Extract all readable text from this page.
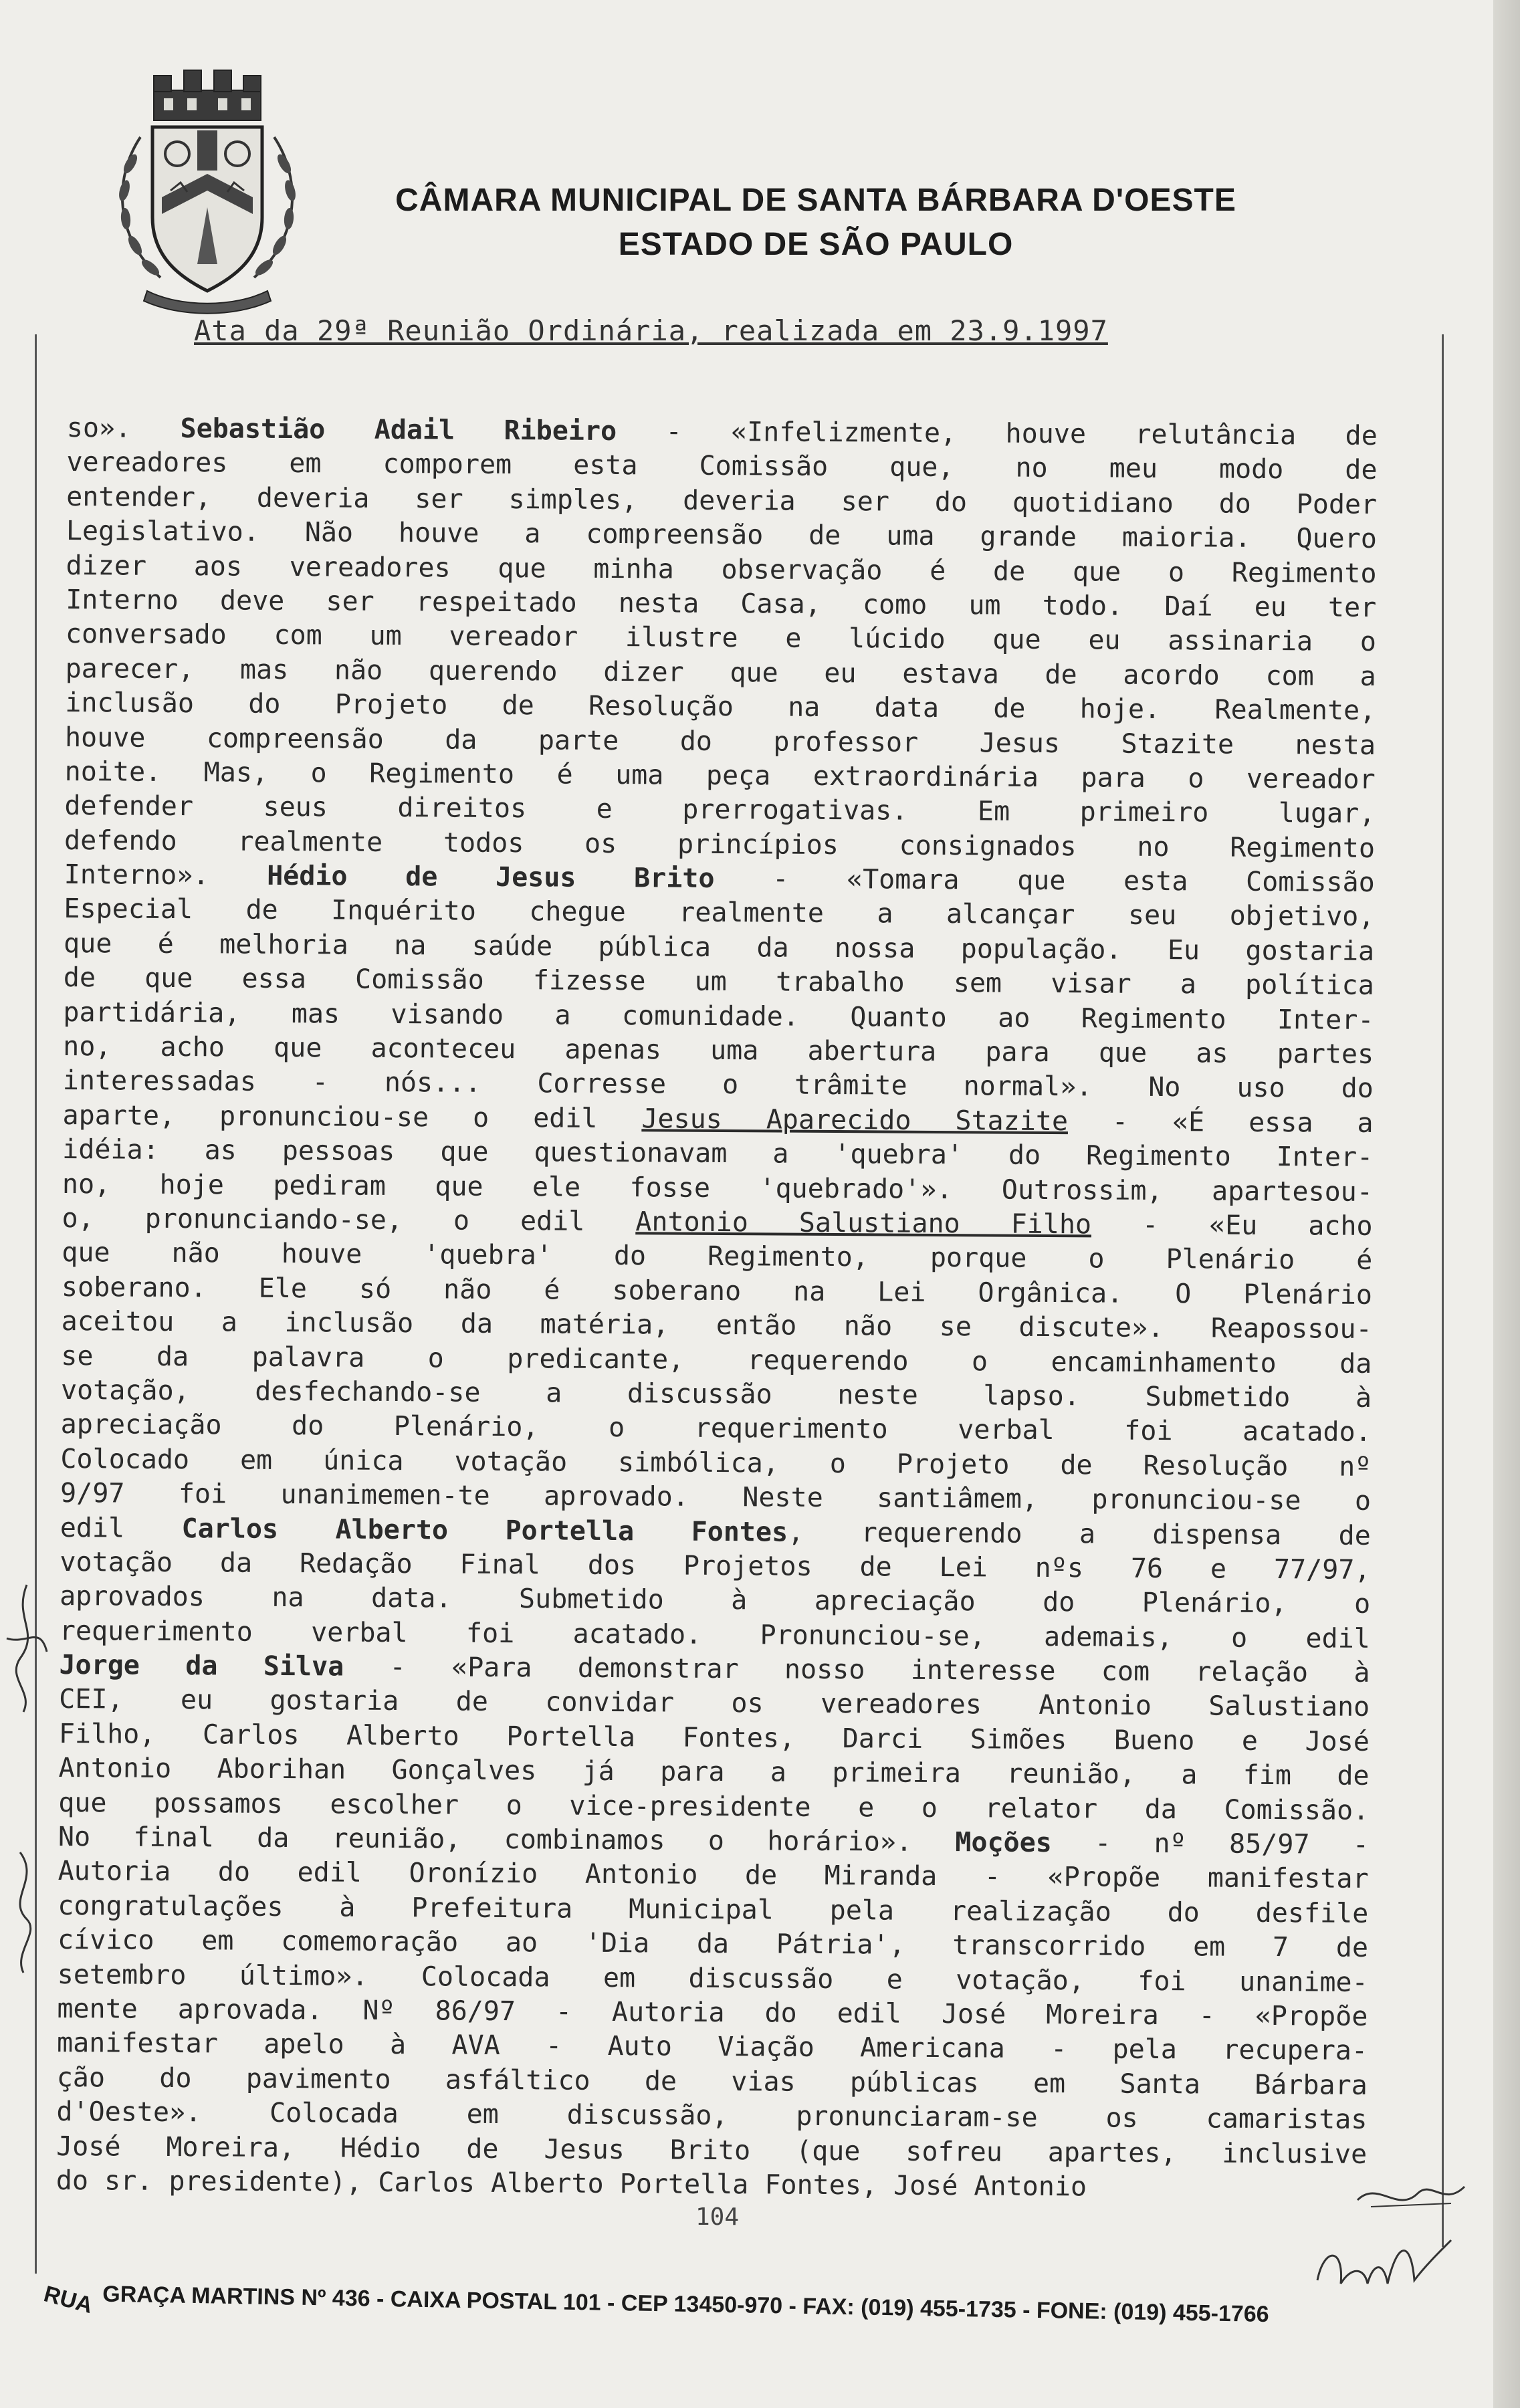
CÂMARA MUNICIPAL DE SANTA BÁRBARA D'OESTE
ESTADO DE SÃO PAULO
Ata da 29ª Reunião Ordinária, realizada em 23.9.1997
so». Sebastião Adail Ribeiro - «Infelizmente, houve relutância de
vereadores em comporem esta Comissão que, no meu modo de
entender, deveria ser simples, deveria ser do quotidiano do Poder
Legislativo. Não houve a compreensão de uma grande maioria. Quero
dizer aos vereadores que minha observação é de que o Regimento
Interno deve ser respeitado nesta Casa, como um todo. Daí eu ter
conversado com um vereador ilustre e lúcido que eu assinaria o
parecer, mas não querendo dizer que eu estava de acordo com a
inclusão do Projeto de Resolução na data de hoje. Realmente,
houve compreensão da parte do professor Jesus Stazite nesta
noite. Mas, o Regimento é uma peça extraordinária para o vereador
defender seus direitos e prerrogativas. Em primeiro lugar,
defendo realmente todos os princípios consignados no Regimento
Interno». Hédio de Jesus Brito - «Tomara que esta Comissão
Especial de Inquérito chegue realmente a alcançar seu objetivo,
que é melhoria na saúde pública da nossa população. Eu gostaria
de que essa Comissão fizesse um trabalho sem visar a política
partidária, mas visando a comunidade. Quanto ao Regimento Inter-
no, acho que aconteceu apenas uma abertura para que as partes
interessadas - nós... Corresse o trâmite normal». No uso do
aparte, pronunciou-se o edil Jesus Aparecido Stazite - «É essa a
idéia: as pessoas que questionavam a 'quebra' do Regimento Inter-
no, hoje pediram que ele fosse 'quebrado'». Outrossim, apartesou-
o, pronunciando-se, o edil Antonio Salustiano Filho - «Eu acho
que não houve 'quebra' do Regimento, porque o Plenário é
soberano. Ele só não é soberano na Lei Orgânica. O Plenário
aceitou a inclusão da matéria, então não se discute». Reapossou-
se da palavra o predicante, requerendo o encaminhamento da
votação, desfechando-se a discussão neste lapso. Submetido à
apreciação do Plenário, o requerimento verbal foi acatado.
Colocado em única votação simbólica, o Projeto de Resolução nº
9/97 foi unanimemen-te aprovado. Neste santiâmem, pronunciou-se o
edil Carlos Alberto Portella Fontes, requerendo a dispensa de
votação da Redação Final dos Projetos de Lei nºs 76 e 77/97,
aprovados na data. Submetido à apreciação do Plenário, o
requerimento verbal foi acatado. Pronunciou-se, ademais, o edil
Jorge da Silva - «Para demonstrar nosso interesse com relação à
CEI, eu gostaria de convidar os vereadores Antonio Salustiano
Filho, Carlos Alberto Portella Fontes, Darci Simões Bueno e José
Antonio Aborihan Gonçalves já para a primeira reunião, a fim de
que possamos escolher o vice-presidente e o relator da Comissão.
No final da reunião, combinamos o horário». Moções - nº 85/97 -
Autoria do edil Oronízio Antonio de Miranda - «Propõe manifestar
congratulações à Prefeitura Municipal pela realização do desfile
cívico em comemoração ao 'Dia da Pátria', transcorrido em 7 de
setembro último». Colocada em discussão e votação, foi unanime-
mente aprovada. Nº 86/97 - Autoria do edil José Moreira - «Propõe
manifestar apelo à AVA - Auto Viação Americana - pela recupera-
ção do pavimento asfáltico de vias públicas em Santa Bárbara
d'Oeste». Colocada em discussão, pronunciaram-se os camaristas
José Moreira, Hédio de Jesus Brito (que sofreu apartes, inclusive
do sr. presidente), Carlos Alberto Portella Fontes, José Antonio
104
RUA GRAÇA MARTINS Nº 436 - CAIXA POSTAL 101 - CEP 13450-970 - FAX: (019) 455-1735 - FONE: (019) 455-1766
